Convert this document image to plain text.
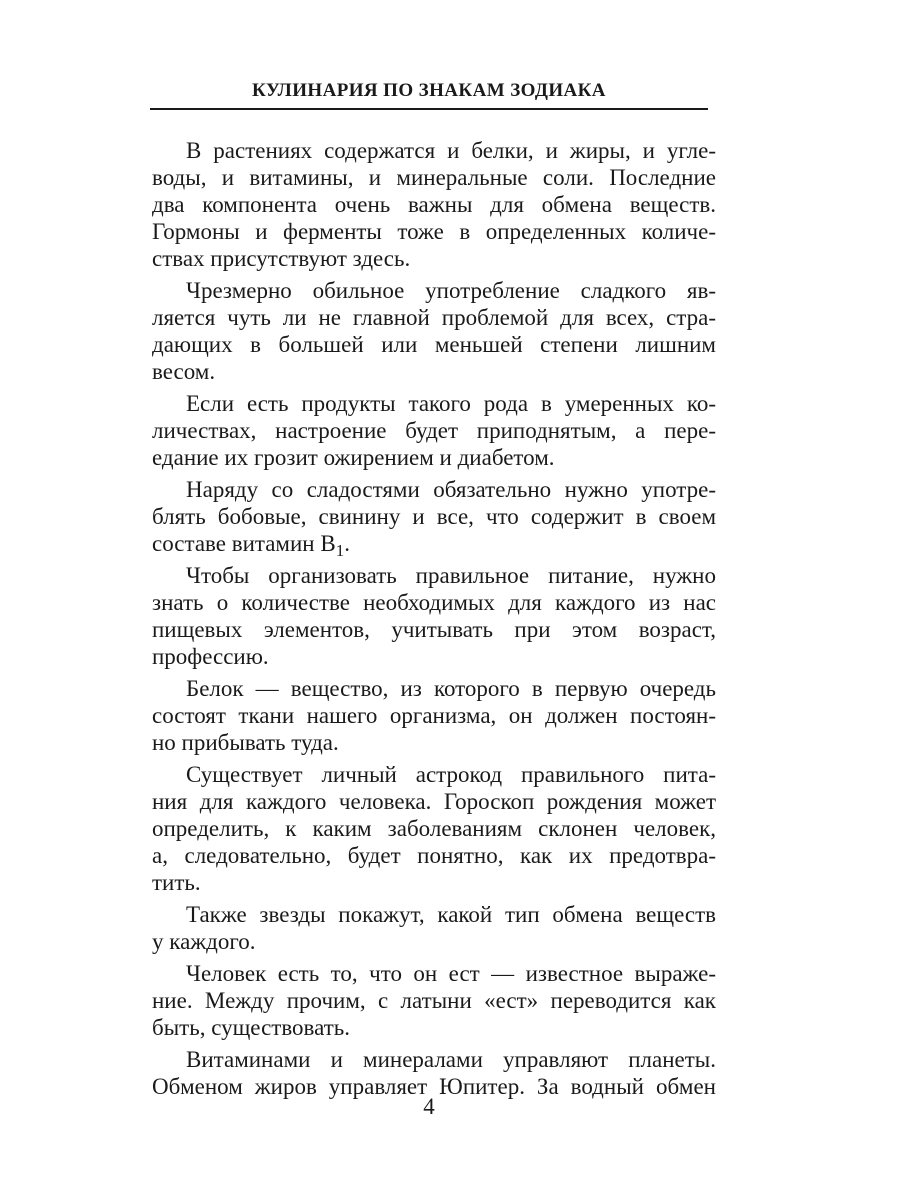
КУЛИНАРИЯ ПО ЗНАКАМ ЗОДИАКА
В растениях содержатся и белки, и жиры, и угле-
воды, и витамины, и минеральные соли. Последние
два компонента очень важны для обмена веществ.
Гормоны и ферменты тоже в определенных количе-
ствах присутствуют здесь.
Чрезмерно обильное употребление сладкого яв-
ляется чуть ли не главной проблемой для всех, стра-
дающих в большей или меньшей степени лишним
весом.
Если есть продукты такого рода в умеренных ко-
личествах, настроение будет приподнятым, а пере-
едание их грозит ожирением и диабетом.
Наряду со сладостями обязательно нужно употре-
блять бобовые, свинину и все, что содержит в своем
составе витамин $В_1$.
Чтобы организовать правильное питание, нужно
знать о количестве необходимых для каждого из нас
пищевых элементов, учитывать при этом возраст,
профессию.
Белок — вещество, из которого в первую очередь
состоят ткани нашего организма, он должен постоян-
но прибывать туда.
Существует личный астрокод правильного пита-
ния для каждого человека. Гороскоп рождения может
определить, к каким заболеваниям склонен человек,
а, следовательно, будет понятно, как их предотвра-
тить.
Также звезды покажут, какой тип обмена веществ
у каждого.
Человек есть то, что он ест — известное выраже-
ние. Между прочим, с латыни «ест» переводится как
быть, существовать.
Витаминами и минералами управляют планеты.
Обменом жиров управляет Юпитер. За водный обмен
4
